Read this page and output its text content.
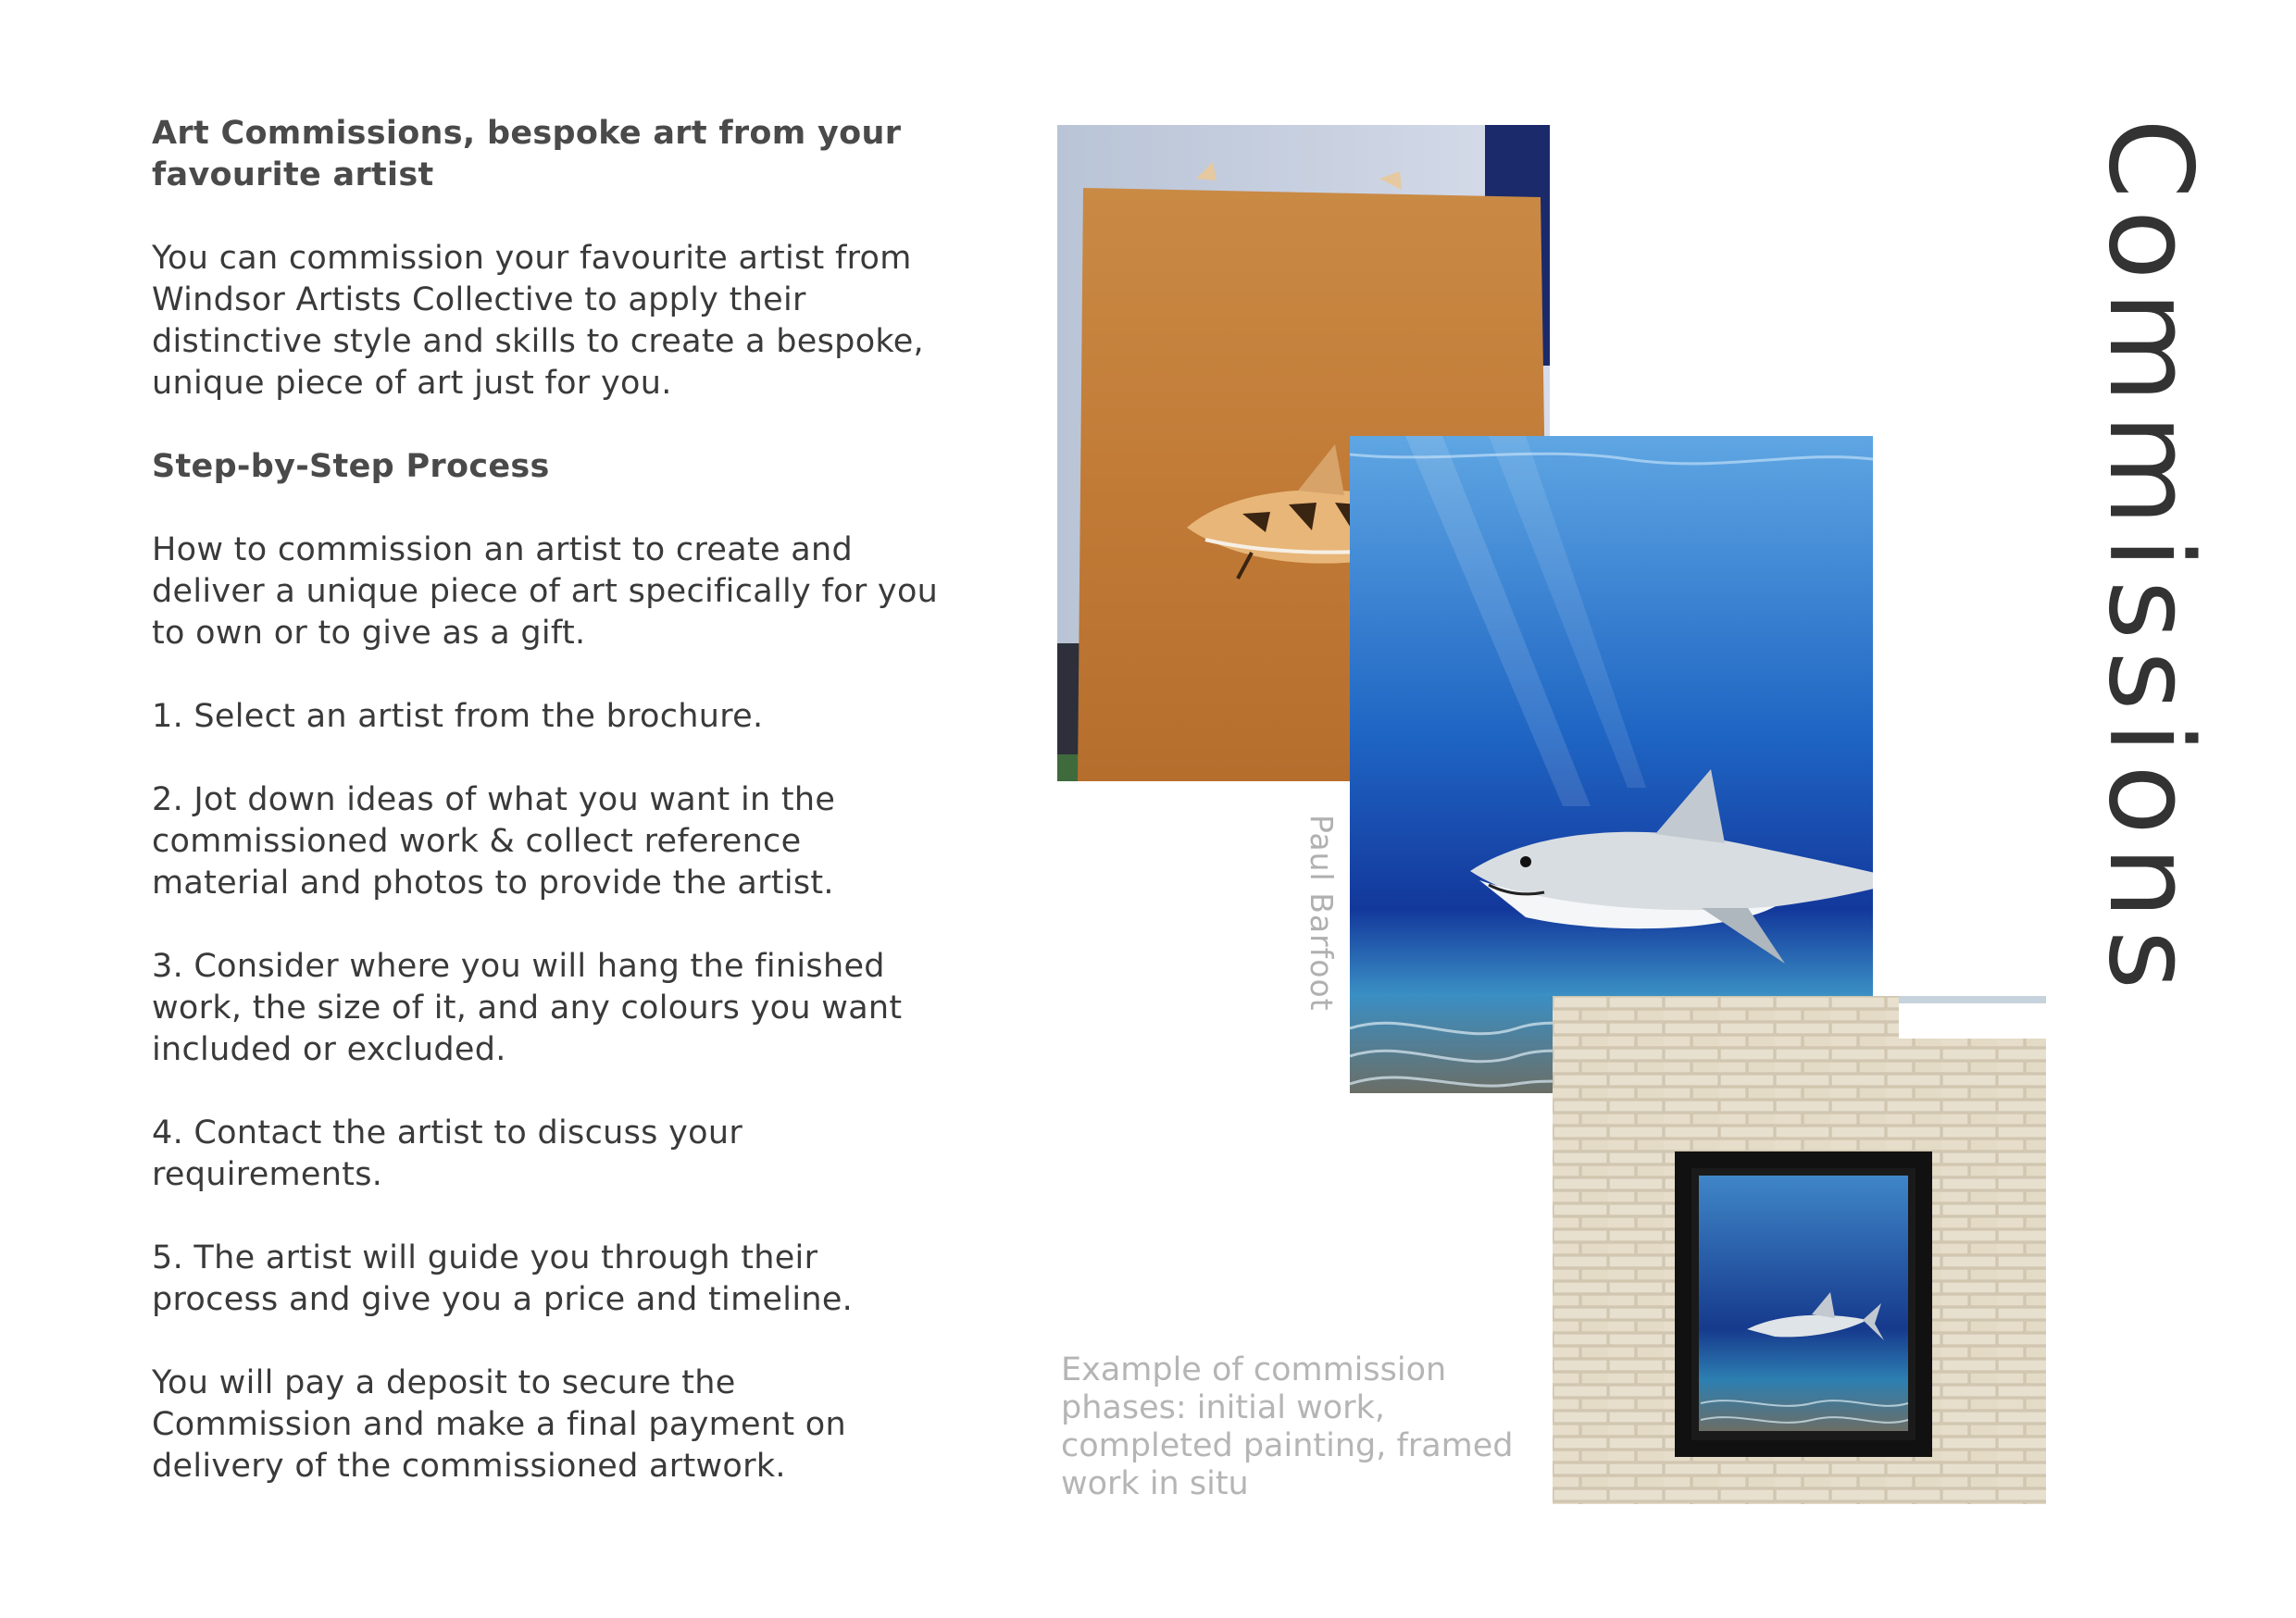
Art Commissions, bespoke art from your favourite artist

You can commission your favourite artist from Windsor Artists Collective to apply their distinctive style and skills to create a bespoke, unique piece of art just for you.

Step-by-Step Process

How to commission an artist to create and deliver a unique piece of art specifically for you to own or to give as a gift.

1. Select an artist from the brochure.

2. Jot down ideas of what you want in the commissioned work & collect reference material and photos to provide the artist.

3. Consider where you will hang the finished work, the size of it, and any colours you want included or excluded.

4. Contact the artist to discuss your requirements.

5. The artist will guide you through their process and give you a price and timeline.

You will pay a deposit to secure the Commission and make a final payment on delivery of the commissioned artwork.

Paul Barfoot
Example of commission phases: initial work, completed painting, framed work in situ
Commissions
